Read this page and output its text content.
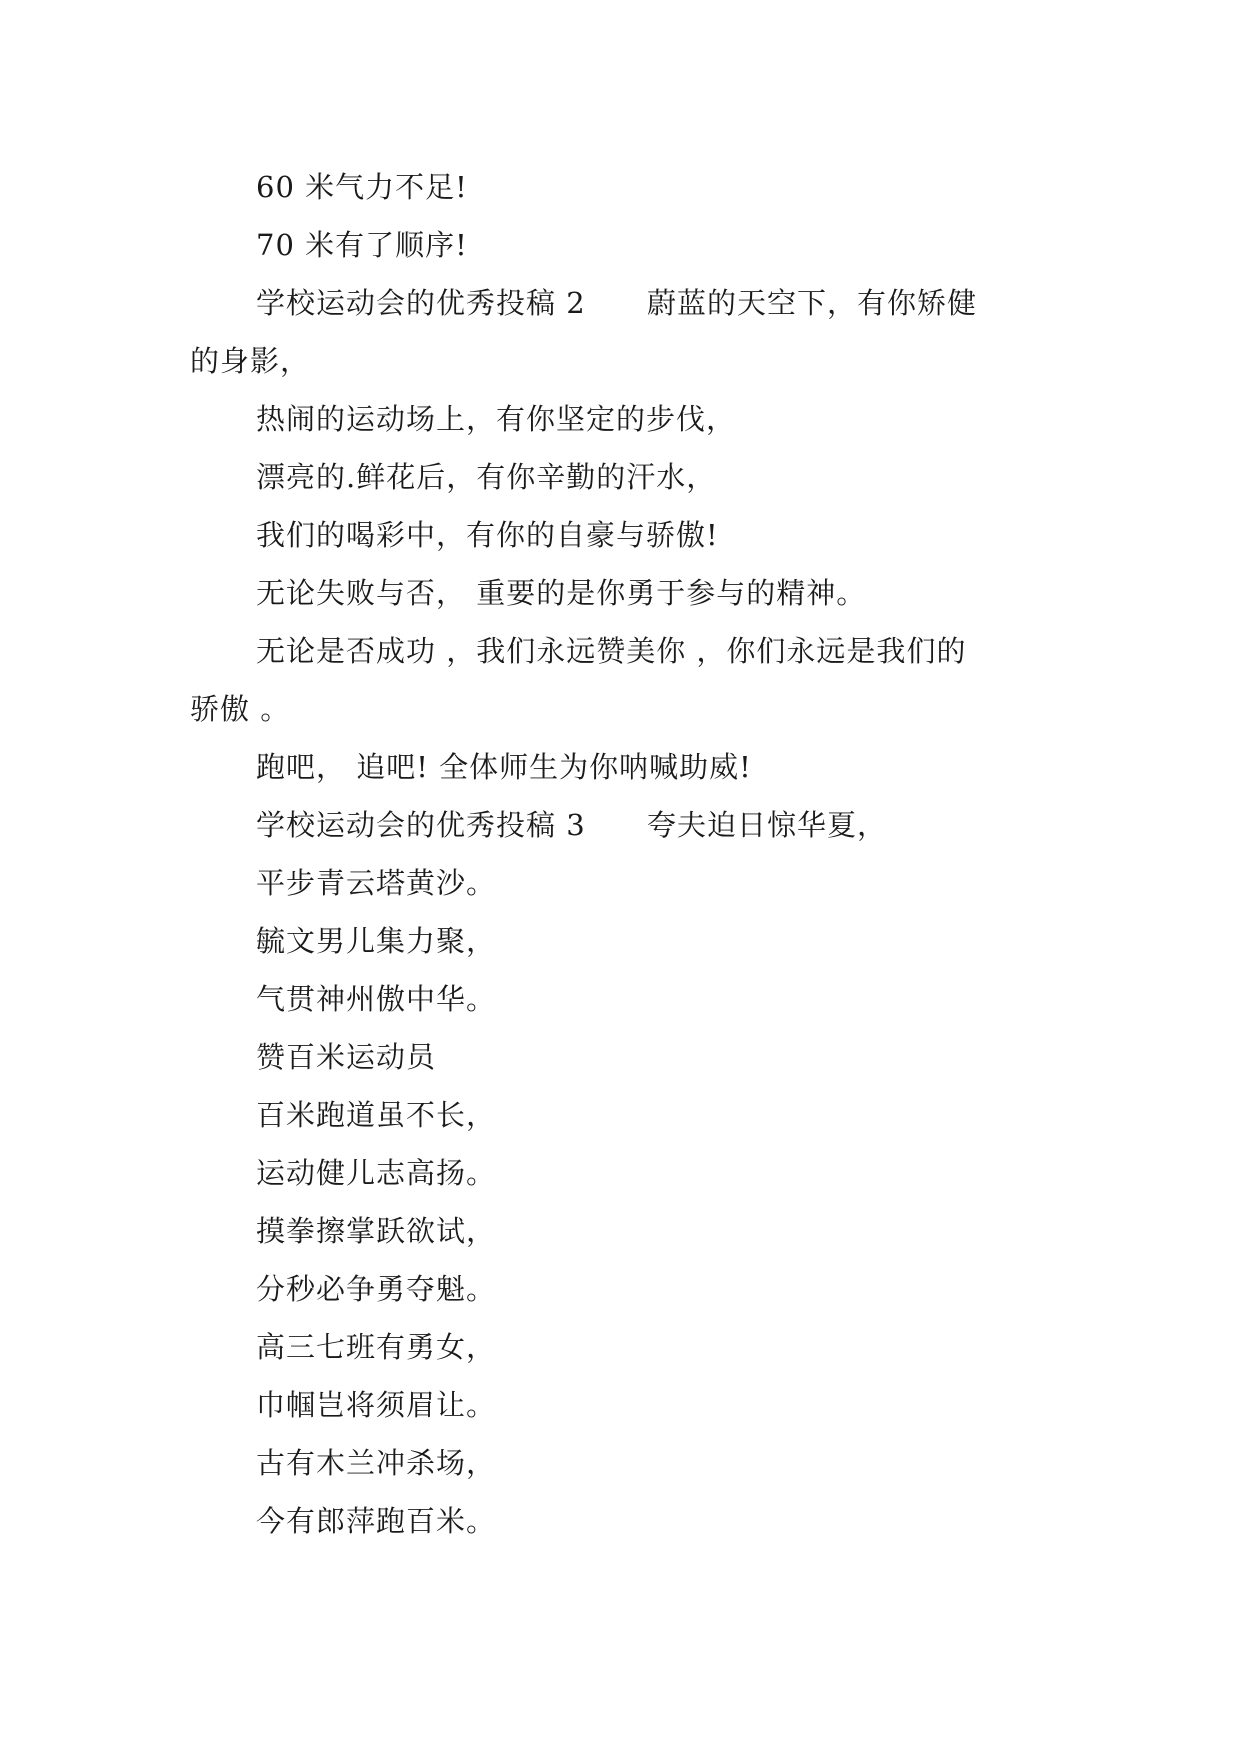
60 米气力不足!
70 米有了顺序!
学校运动会的优秀投稿 2      蔚蓝的天空下，有你矫健
的身影，
热闹的运动场上，有你坚定的步伐，
漂亮的.鲜花后，有你辛勤的汗水，
我们的喝彩中，有你的自豪与骄傲!
无论失败与否， 重要的是你勇于参与的精神。
无论是否成功 ，我们永远赞美你 ，你们永远是我们的
骄傲 。
跑吧， 追吧! 全体师生为你呐喊助威!
学校运动会的优秀投稿 3      夸夫迫日惊华夏，
平步青云塔黄沙。
毓文男儿集力聚，
气贯神州傲中华。
赞百米运动员
百米跑道虽不长，
运动健儿志高扬。
摸拳擦掌跃欲试，
分秒必争勇夺魁。
高三七班有勇女，
巾帼岂将须眉让。
古有木兰冲杀场，
今有郎萍跑百米。
